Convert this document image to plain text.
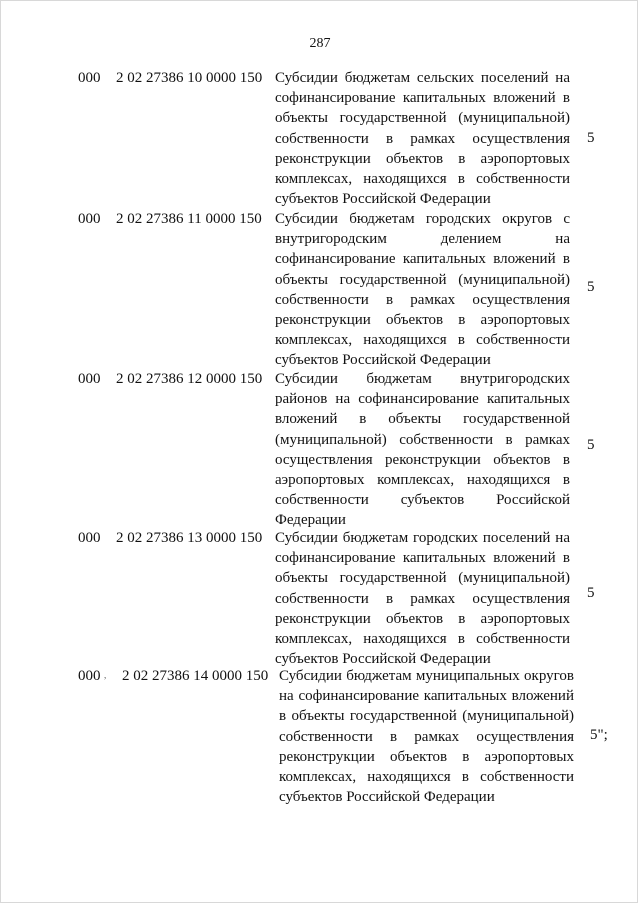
287
000 2 02 27386 10 0000 150 Субсидии бюджетам сельских поселений на софинансирование капитальных вложений в объекты государственной (муниципальной) собственности в рамках осуществления реконструкции объектов в аэропортовых комплексах, находящихся в собственности субъектов Российской Федерации
5
000 2 02 27386 11 0000 150 Субсидии бюджетам городских округов с внутригородским делением на софинансирование капитальных вложений в объекты государственной (муниципальной) собственности в рамках осуществления реконструкции объектов в аэропортовых комплексах, находящихся в собственности субъектов Российской Федерации
5
000 2 02 27386 12 0000 150 Субсидии бюджетам внутригородских районов на софинансирование капитальных вложений в объекты государственной (муниципальной) собственности в рамках осуществления реконструкции объектов в аэропортовых комплексах, находящихся в собственности субъектов Российской Федерации
5
000 2 02 27386 13 0000 150 Субсидии бюджетам городских поселений на софинансирование капитальных вложений в объекты государственной (муниципальной) собственности в рамках осуществления реконструкции объектов в аэропортовых комплексах, находящихся в собственности субъектов Российской Федерации
5
000 , 2 02 27386 14 0000 150 Субсидии бюджетам муниципальных округов на софинансирование капитальных вложений в объекты государственной (муниципальной) собственности в рамках осуществления реконструкции объектов в аэропортовых комплексах, находящихся в собственности субъектов Российской Федерации
5";
